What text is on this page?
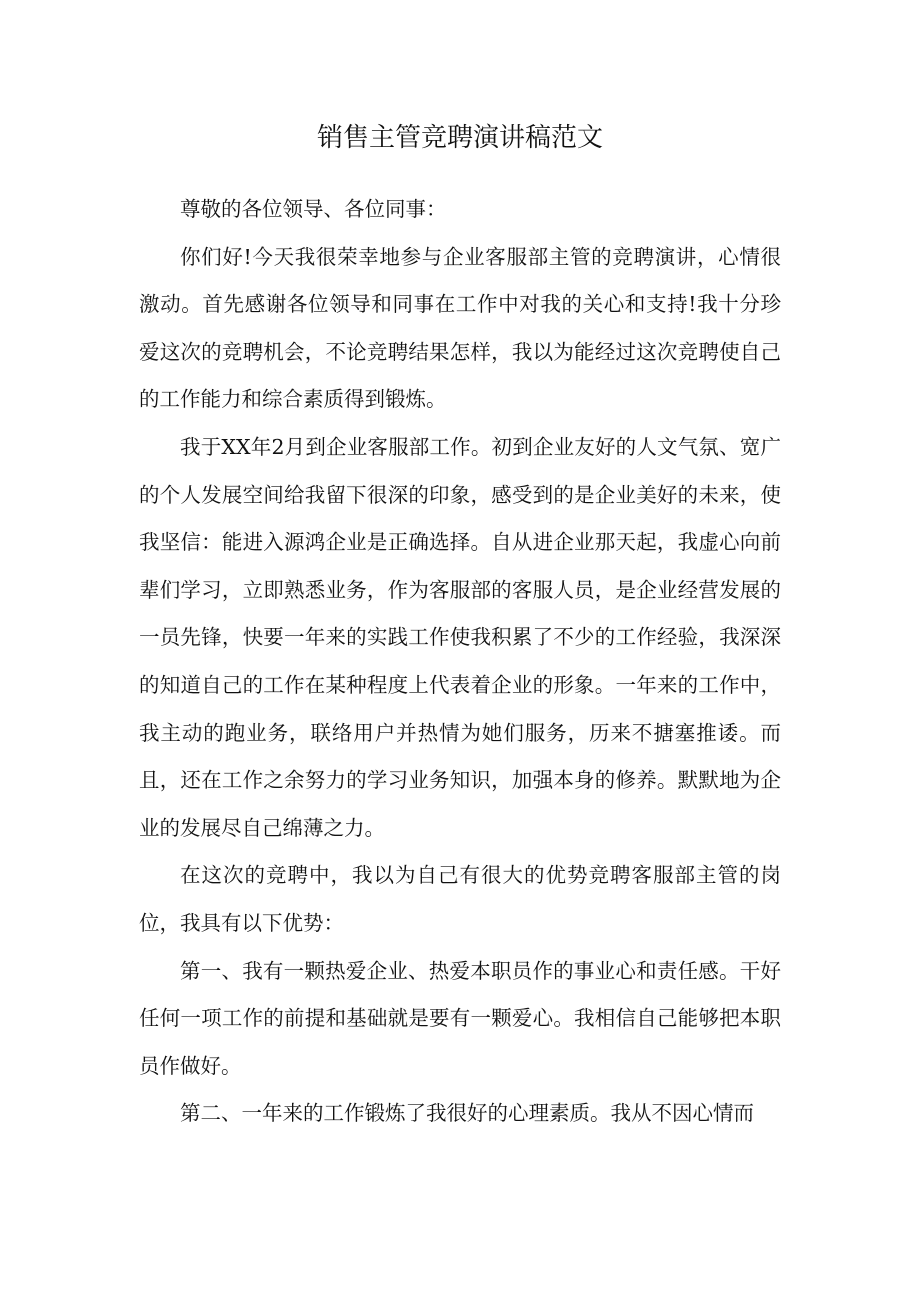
销售主管竞聘演讲稿范文

尊敬的各位领导、各位同事：

你们好!今天我很荣幸地参与企业客服部主管的竞聘演讲，心情很激动。首先感谢各位领导和同事在工作中对我的关心和支持!我十分珍爱这次的竞聘机会，不论竞聘结果怎样，我以为能经过这次竞聘使自己的工作能力和综合素质得到锻炼。

我于XX年2月到企业客服部工作。初到企业友好的人文气氛、宽广的个人发展空间给我留下很深的印象，感受到的是企业美好的未来，使我坚信：能进入源鸿企业是正确选择。自从进企业那天起，我虚心向前辈们学习，立即熟悉业务，作为客服部的客服人员，是企业经营发展的一员先锋，快要一年来的实践工作使我积累了不少的工作经验，我深深的知道自己的工作在某种程度上代表着企业的形象。一年来的工作中，我主动的跑业务，联络用户并热情为她们服务，历来不搪塞推诿。而且，还在工作之余努力的学习业务知识，加强本身的修养。默默地为企业的发展尽自己绵薄之力。

在这次的竞聘中，我以为自己有很大的优势竞聘客服部主管的岗位，我具有以下优势：

第一、我有一颗热爱企业、热爱本职员作的事业心和责任感。干好任何一项工作的前提和基础就是要有一颗爱心。我相信自己能够把本职员作做好。

第二、一年来的工作锻炼了我很好的心理素质。我从不因心情而
